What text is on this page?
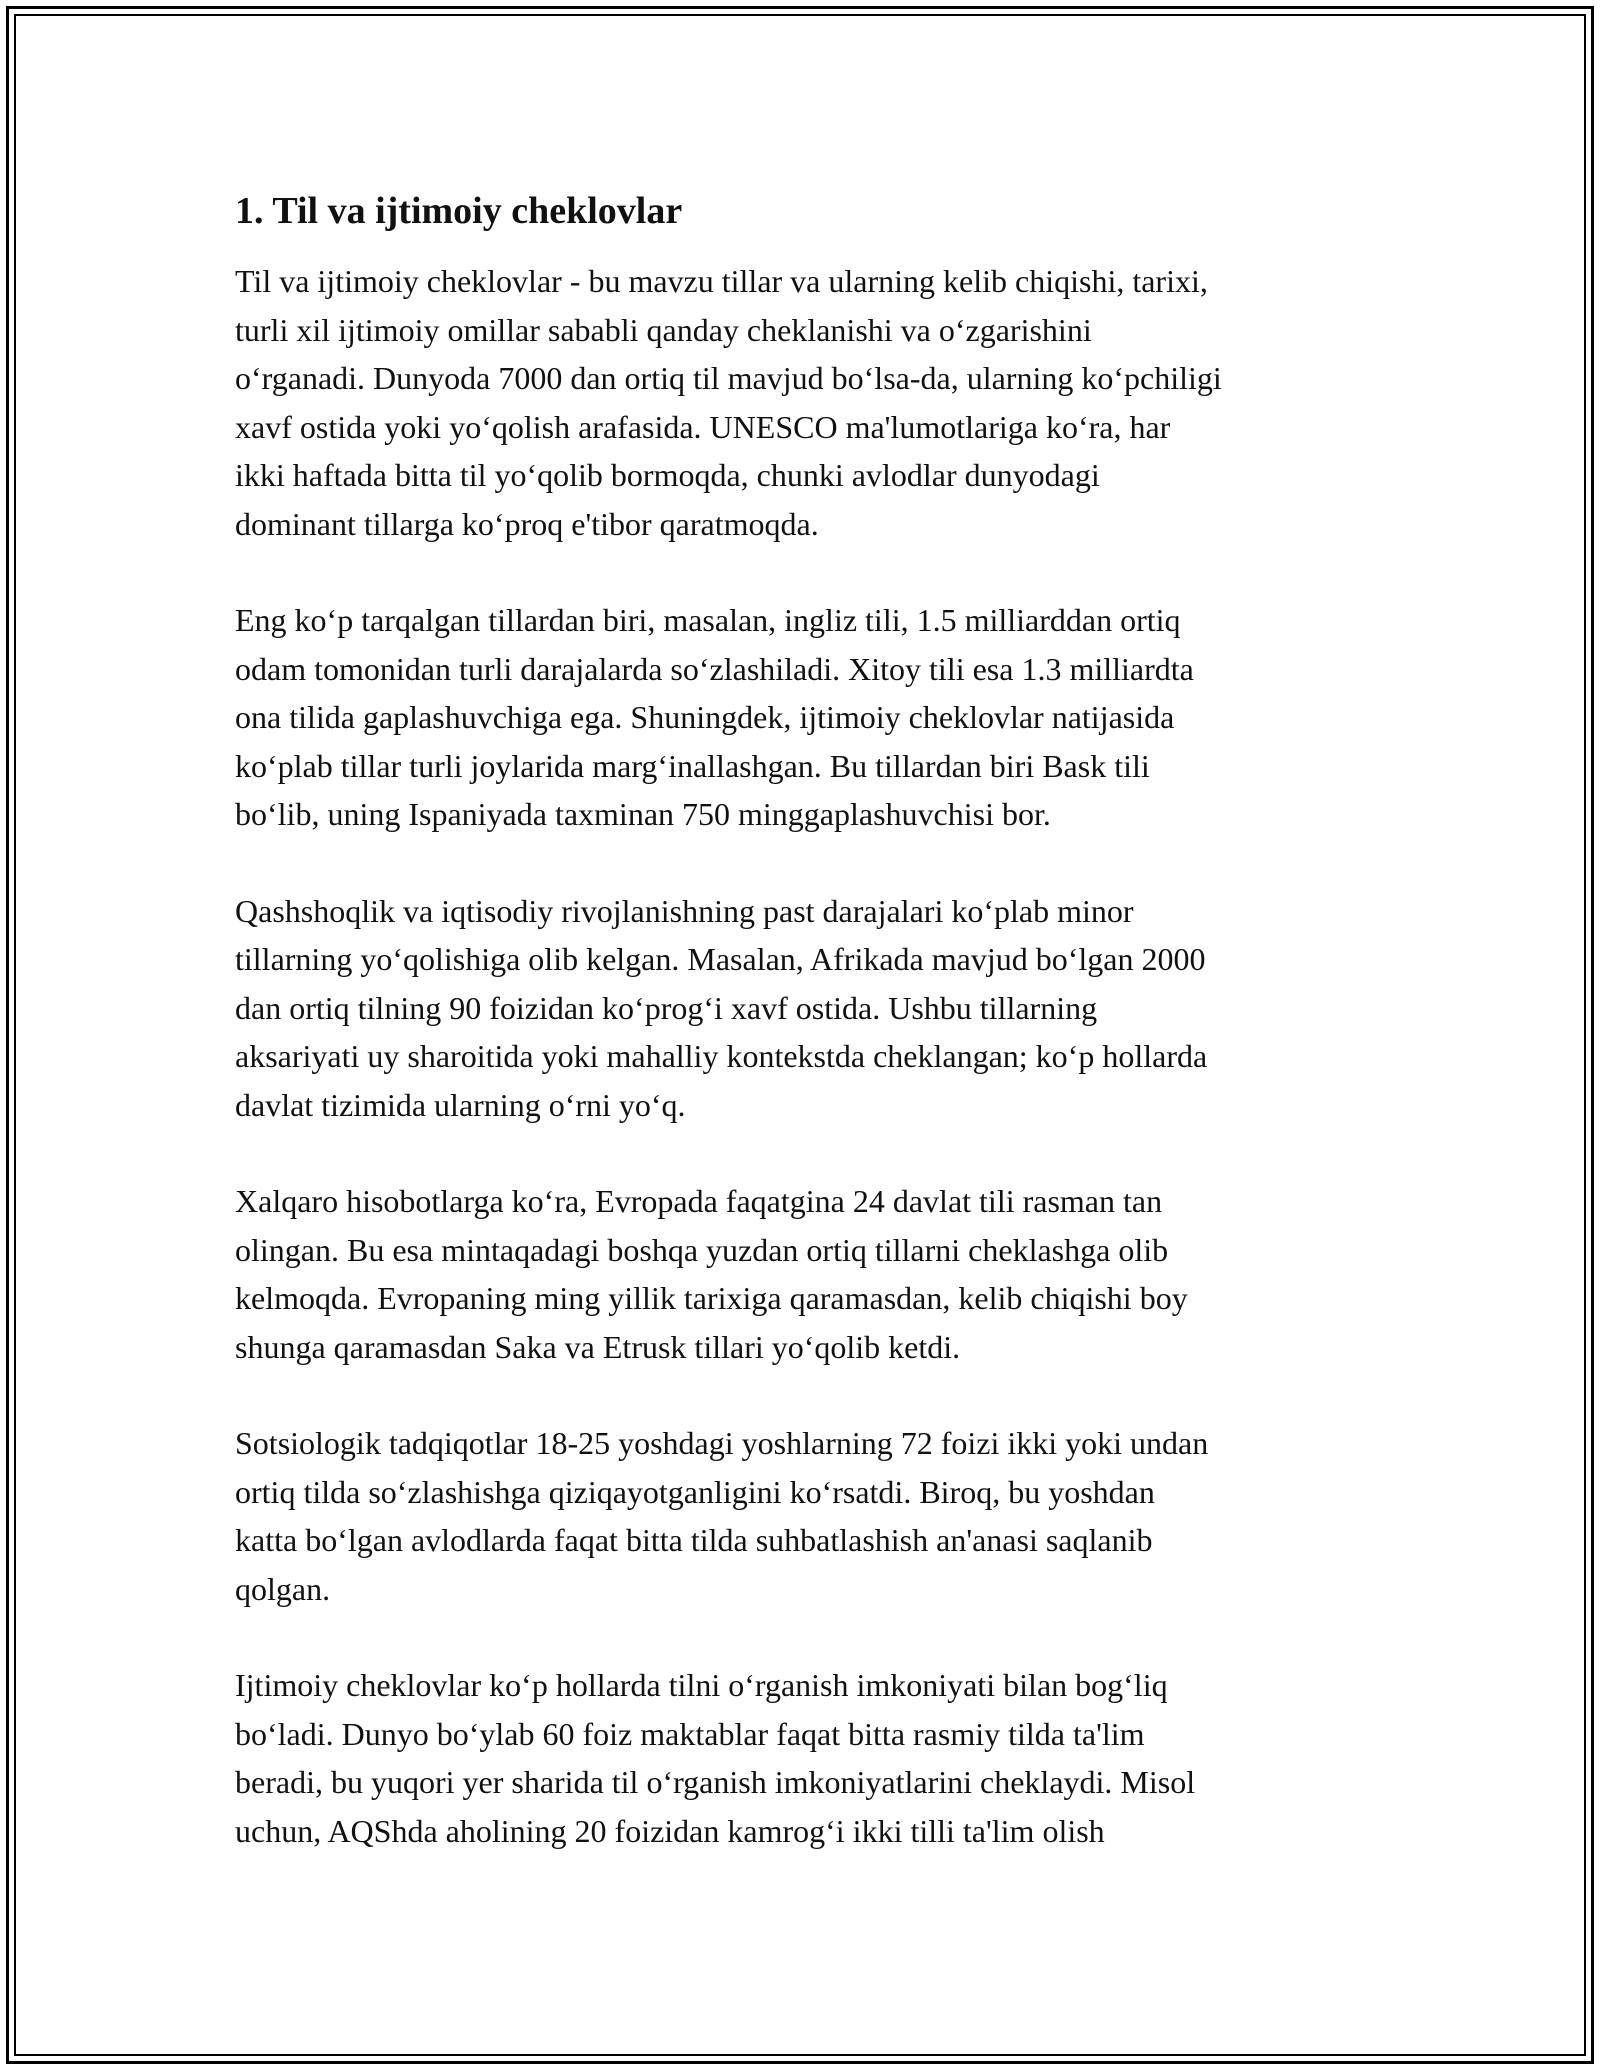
1. Til va ijtimoiy cheklovlar
Til va ijtimoiy cheklovlar - bu mavzu tillar va ularning kelib chiqishi, tarixi,
turli xil ijtimoiy omillar sababli qanday cheklanishi va o‘zgarishini
o‘rganadi. Dunyoda 7000 dan ortiq til mavjud bo‘lsa-da, ularning ko‘pchiligi
xavf ostida yoki yo‘qolish arafasida. UNESCO ma'lumotlariga ko‘ra, har
ikki haftada bitta til yo‘qolib bormoqda, chunki avlodlar dunyodagi
dominant tillarga ko‘proq e'tibor qaratmoqda.
Eng ko‘p tarqalgan tillardan biri, masalan, ingliz tili, 1.5 milliarddan ortiq
odam tomonidan turli darajalarda so‘zlashiladi. Xitoy tili esa 1.3 milliardta
ona tilida gaplashuvchiga ega. Shuningdek, ijtimoiy cheklovlar natijasida
ko‘plab tillar turli joylarida marg‘inallashgan. Bu tillardan biri Bask tili
bo‘lib, uning Ispaniyada taxminan 750 minggaplashuvchisi bor.
Qashshoqlik va iqtisodiy rivojlanishning past darajalari ko‘plab minor
tillarning yo‘qolishiga olib kelgan. Masalan, Afrikada mavjud bo‘lgan 2000
dan ortiq tilning 90 foizidan ko‘prog‘i xavf ostida. Ushbu tillarning
aksariyati uy sharoitida yoki mahalliy kontekstda cheklangan; ko‘p hollarda
davlat tizimida ularning o‘rni yo‘q.
Xalqaro hisobotlarga ko‘ra, Evropada faqatgina 24 davlat tili rasman tan
olingan. Bu esa mintaqadagi boshqa yuzdan ortiq tillarni cheklashga olib
kelmoqda. Evropaning ming yillik tarixiga qaramasdan, kelib chiqishi boy
shunga qaramasdan Saka va Etrusk tillari yo‘qolib ketdi.
Sotsiologik tadqiqotlar 18-25 yoshdagi yoshlarning 72 foizi ikki yoki undan
ortiq tilda so‘zlashishga qiziqayotganligini ko‘rsatdi. Biroq, bu yoshdan
katta bo‘lgan avlodlarda faqat bitta tilda suhbatlashish an'anasi saqlanib
qolgan.
Ijtimoiy cheklovlar ko‘p hollarda tilni o‘rganish imkoniyati bilan bog‘liq
bo‘ladi. Dunyo bo‘ylab 60 foiz maktablar faqat bitta rasmiy tilda ta'lim
beradi, bu yuqori yer sharida til o‘rganish imkoniyatlarini cheklaydi. Misol
uchun, AQShda aholining 20 foizidan kamrog‘i ikki tilli ta'lim olish
